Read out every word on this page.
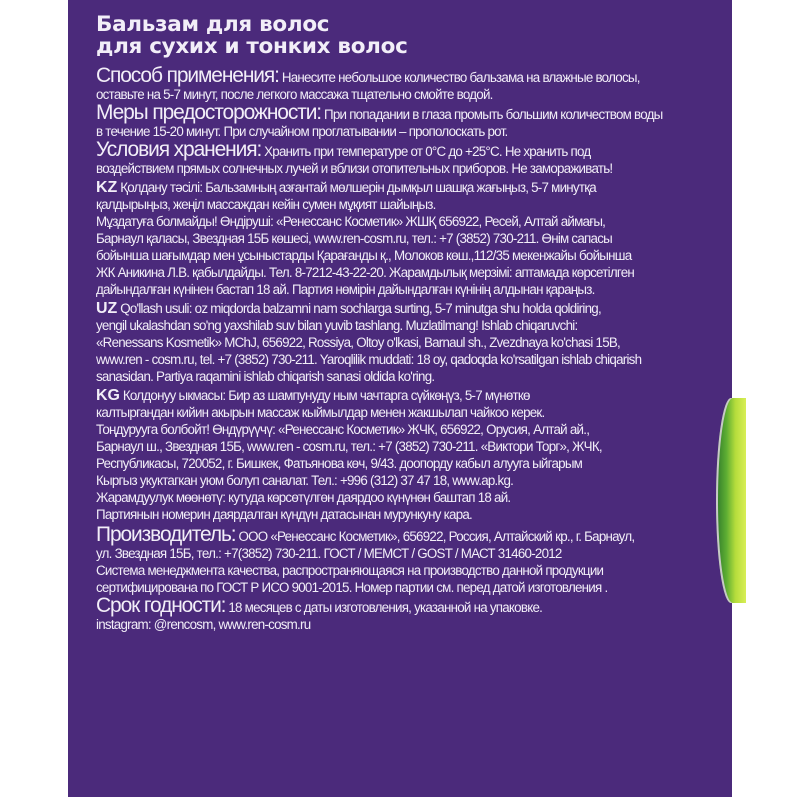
Бальзам для волос
для сухих и тонких волос
Способ применения: Нанесите небольшое количество бальзама на влажные волосы,
оставьте на 5-7 минут, после легкого массажа тщательно смойте водой.
Меры предосторожности: При попадании в глаза промыть большим количеством воды
в течение 15-20 минут. При случайном проглатывании – прополоскать рот.
Условия хранения: Хранить при температуре от 0°C до +25°C. Не хранить под
воздействием прямых солнечных лучей и вблизи отопительных приборов. Не замораживать!
KZ Қолдану тәсілі: Бальзамның азғантай мөлшерін дымқыл шашқа жағыңыз, 5-7 минутқа
қалдырыңыз, жеңіл массаждан кейін сумен мұқият шайыңыз.
Мұздатуға болмайды! Өндіруші: «Ренессанс Косметик» ЖШҚ 656922, Ресей, Алтай аймағы,
Барнаул қаласы, Звездная 15Б көшесі, www.ren-cosm.ru, тел.: +7 (3852) 730-211. Өнім сапасы
бойынша шағымдар мен ұсыныстарды Қарағанды қ., Молоков көш.,112/35 мекенжайы бойынша
ЖК Аникина Л.В. қабылдайды. Тел. 8-7212-43-22-20. Жарамдылық мерзімі: аптамада көрсетілген
дайындалған күнінен бастап 18 ай. Партия нөмірін дайындалған күнінің алдынан қараңыз.
UZ Qo'llash usuli: oz miqdorda balzamni nam sochlarga surting, 5-7 minutga shu holda qoldiring,
yengil ukalashdan so'ng yaxshilab suv bilan yuvib tashlang. Muzlatilmang! Ishlab chiqaruvchi:
«Renessans Kosmetik» MChJ, 656922, Rossiya, Oltoy o'lkasi, Barnaul sh., Zvezdnaya ko'chasi 15B,
www.ren - cosm.ru, tel. +7 (3852) 730-211. Yaroqlilik muddati: 18 oy, qadoqda ko'rsatilgan ishlab chiqarish
sanasidan. Partiya raqamini ishlab chiqarish sanasi oldida ko'ring.
KG Колдонуу ыкмасы: Бир аз шампунуду ным чачтарга сүйкөңүз, 5-7 мүнөткө
калтыргандан кийин акырын массаж кыймылдар менен жакшылап чайкоо керек.
Тоңдурууга болбойт! Өндүрүүчү: «Ренессанс Косметик» ЖЧК, 656922, Орусия, Алтай ай.,
Барнаул ш., Звездная 15Б, www.ren - cosm.ru, тел.: +7 (3852) 730-211. «Виктори Торг», ЖЧК,
Республикасы, 720052, г. Бишкек, Фатьянова көч, 9/43. доопорду кабыл алууга ыйгарым
Кыргыз укуктагкан уюм болуп саналат. Тел.: +996 (312) 37 47 18, www.ap.kg.
Жарамдуулук мөөнөтү: кутуда көрсөтүлгөн даярдоо күнүнөн баштап 18 ай.
Партиянын номерин даярдалган күндүн датасынан мурункуну кара.
Производитель: ООО «Ренессанс Косметик», 656922, Россия, Алтайский кр., г. Барнаул,
ул. Звездная 15Б, тел.: +7(3852) 730-211. ГОСТ / МЕМСТ / GOST / МАСТ 31460-2012
Система менеджмента качества, распространяющаяся на производство данной продукции
сертифицирована по ГОСТ Р ИСО 9001-2015. Номер партии см. перед датой изготовления .
Срок годности: 18 месяцев с даты изготовления, указанной на упаковке.
instagram: @rencosm, www.ren-cosm.ru
